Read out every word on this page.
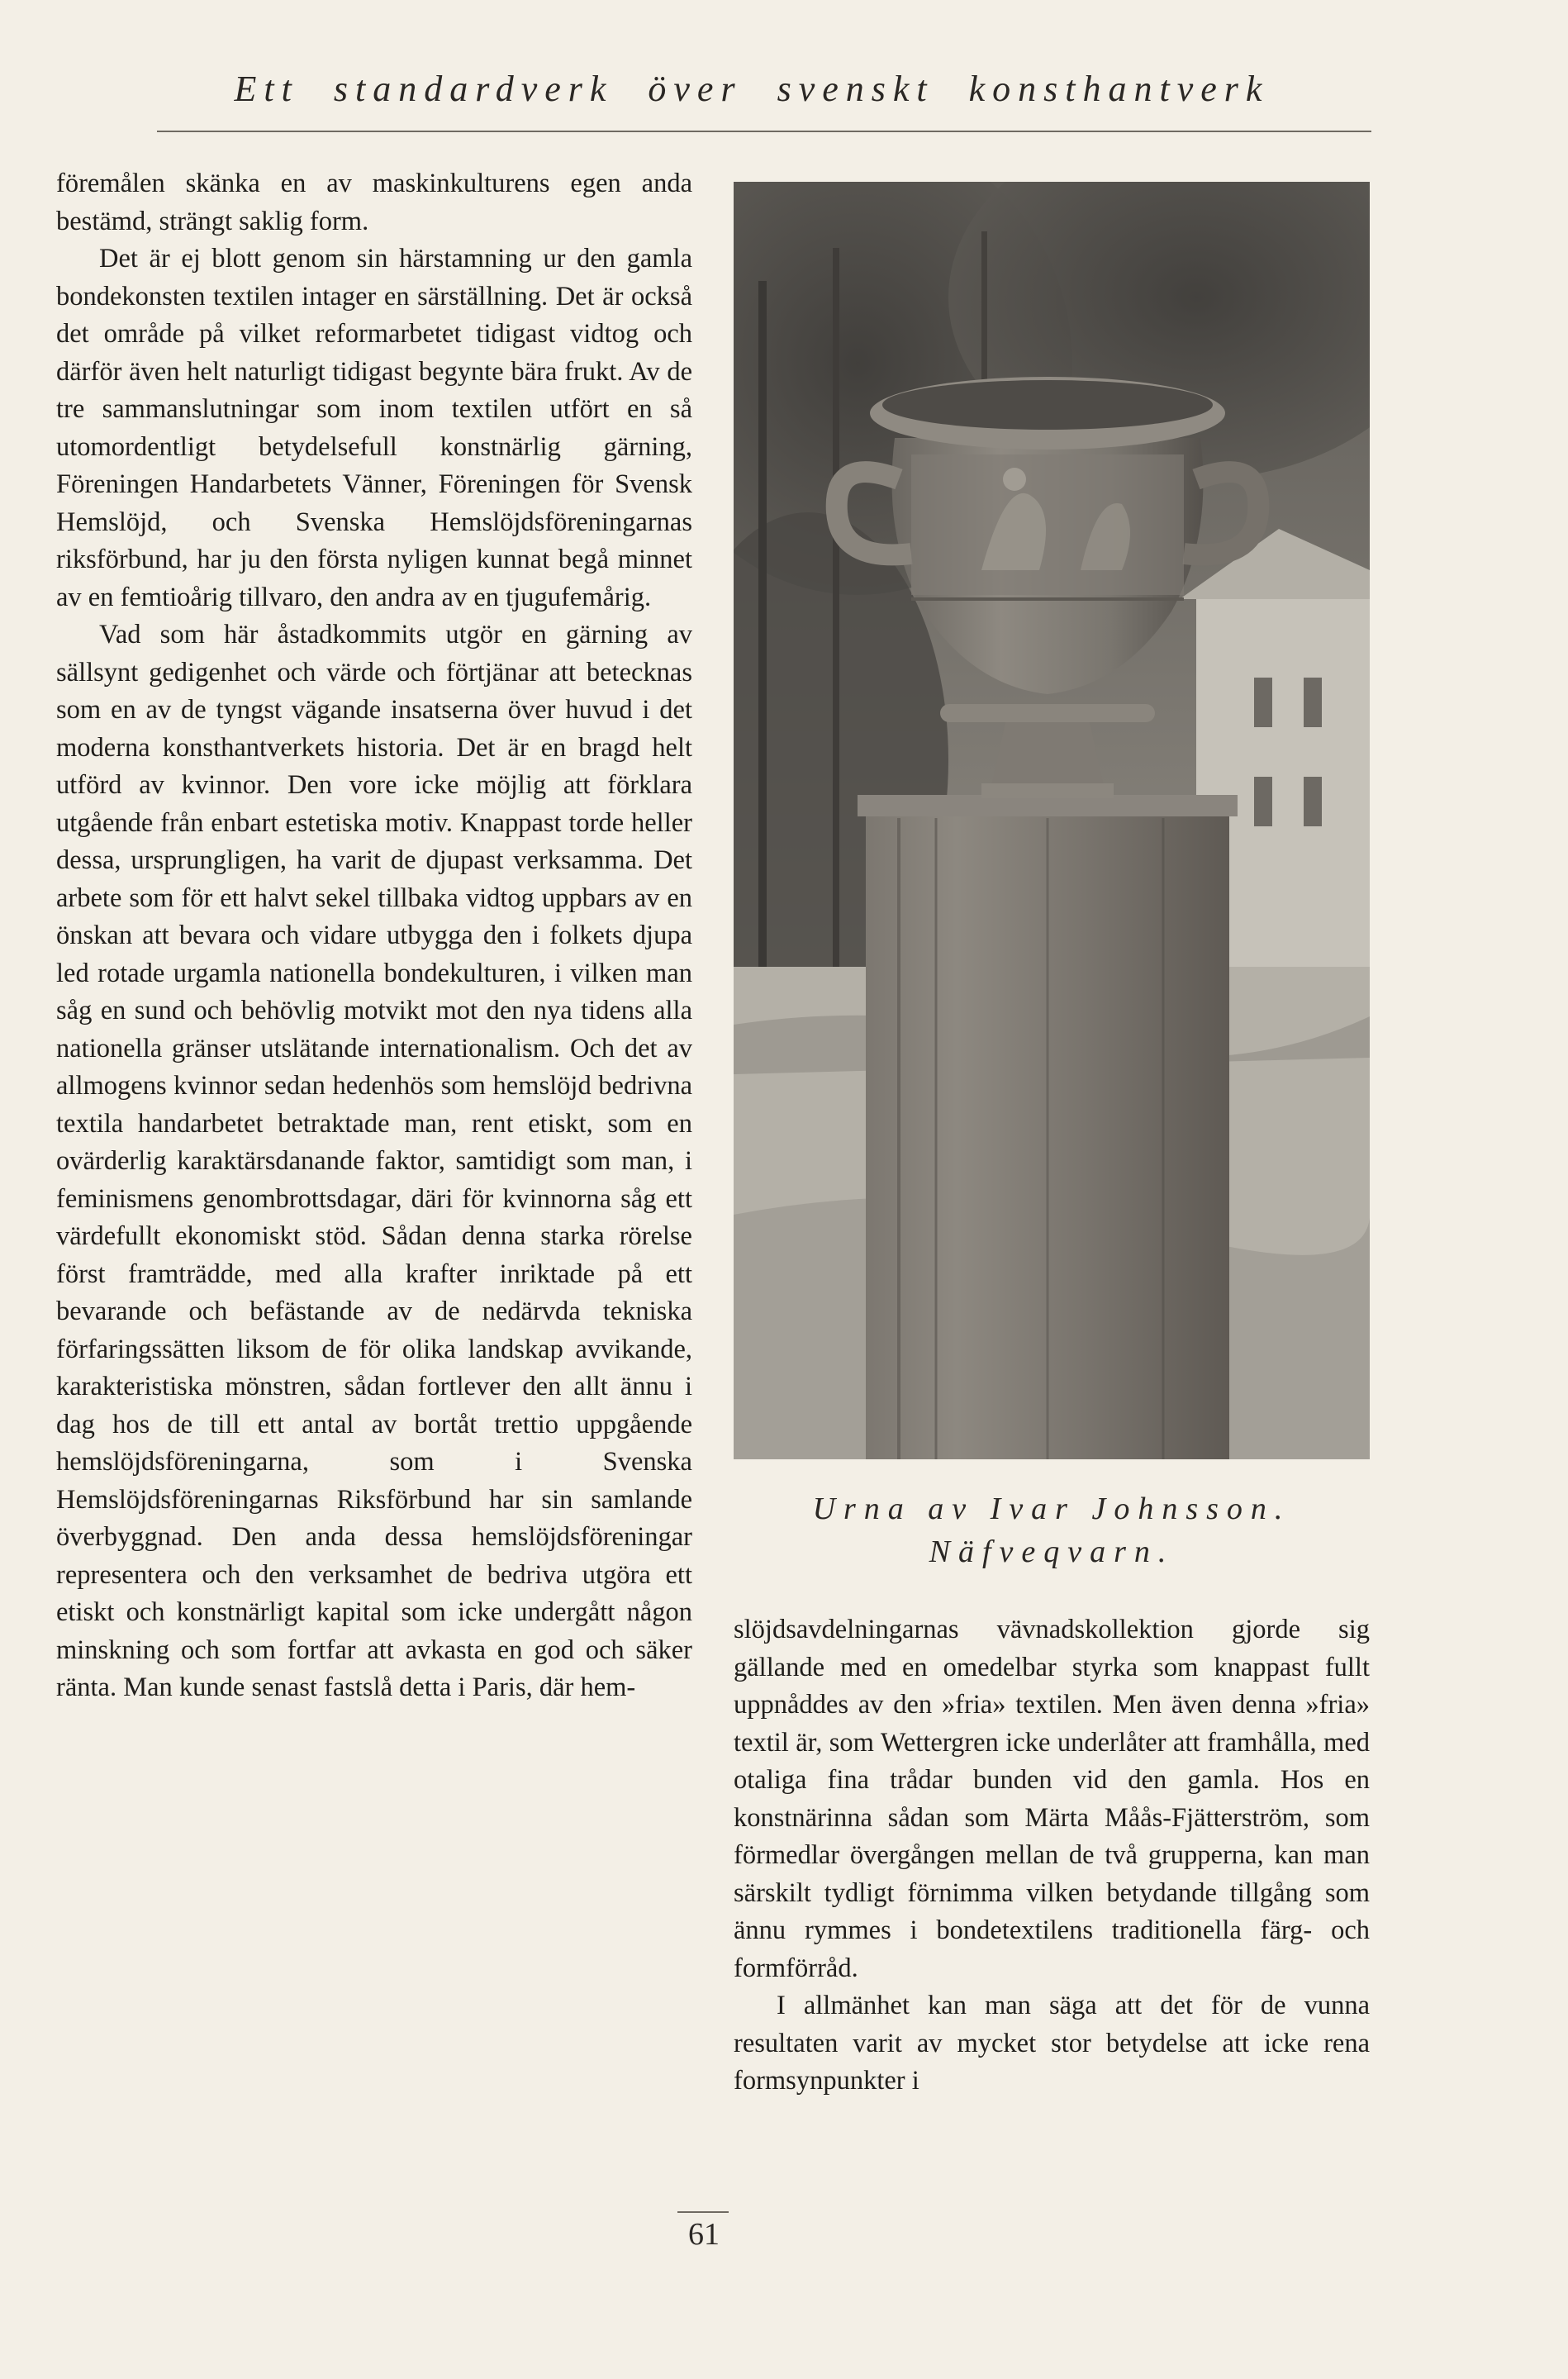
Ett standardverk över svenskt konsthantverk

föremålen skänka en av maskinkulturens egen anda bestämd, strängt saklig form.

Det är ej blott genom sin härstamning ur den gamla bondekonsten textilen intager en särställning. Det är också det område på vilket reformarbetet tidigast vidtog och därför även helt naturligt tidigast begynte bära frukt. Av de tre sammanslutningar som inom textilen utfört en så utomordentligt betydelsefull konstnärlig gärning, Föreningen Handarbetets Vänner, Föreningen för Svensk Hemslöjd, och Svenska Hemslöjdsföreningarnas riksförbund, har ju den första nyligen kunnat begå minnet av en femtioårig tillvaro, den andra av en tjugufemårig.

Vad som här åstadkommits utgör en gärning av sällsynt gedigenhet och värde och förtjänar att betecknas som en av de tyngst vägande insatserna över huvud i det moderna konsthantverkets historia. Det är en bragd helt utförd av kvinnor. Den vore icke möjlig att förklara utgående från enbart estetiska motiv. Knappast torde heller dessa, ursprungligen, ha varit de djupast verksamma. Det arbete som för ett halvt sekel tillbaka vidtog uppbars av en önskan att bevara och vidare utbygga den i folkets djupa led rotade urgamla nationella bondekulturen, i vilken man såg en sund och behövlig motvikt mot den nya tidens alla nationella gränser utslätande internationalism. Och det av allmogens kvinnor sedan hedenhös som hemslöjd bedrivna textila handarbetet betraktade man, rent etiskt, som en ovärderlig karaktärsdanande faktor, samtidigt som man, i feminismens genombrottsdagar, däri för kvinnorna såg ett värdefullt ekonomiskt stöd. Sådan denna starka rörelse först framträdde, med alla krafter inriktade på ett bevarande och befästande av de nedärvda tekniska förfaringssätten liksom de för olika landskap avvikande, karakteristiska mönstren, sådan fortlever den allt ännu i dag hos de till ett antal av bortåt trettio uppgående hemslöjdsföreningarna, som i Svenska Hemslöjdsföreningarnas Riksförbund har sin samlande överbyggnad. Den anda dessa hemslöjdsföreningar representera och den verksamhet de bedriva utgöra ett etiskt och konstnärligt kapital som icke undergått någon minskning och som fortfar att avkasta en god och säker ränta. Man kunde senast fastslå detta i Paris, där hem-

Urna av Ivar Johnsson.
Näfveqvarn.

slöjdsavdelningarnas vävnadskollektion gjorde sig gällande med en omedelbar styrka som knappast fullt uppnåddes av den »fria» textilen. Men även denna »fria» textil är, som Wettergren icke underlåter att framhålla, med otaliga fina trådar bunden vid den gamla. Hos en konstnärinna sådan som Märta Måås-Fjätterström, som förmedlar övergången mellan de två grupperna, kan man särskilt tydligt förnimma vilken betydande tillgång som ännu rymmes i bondetextilens traditionella färg- och formförråd.

I allmänhet kan man säga att det för de vunna resultaten varit av mycket stor betydelse att icke rena formsynpunkter i

61
